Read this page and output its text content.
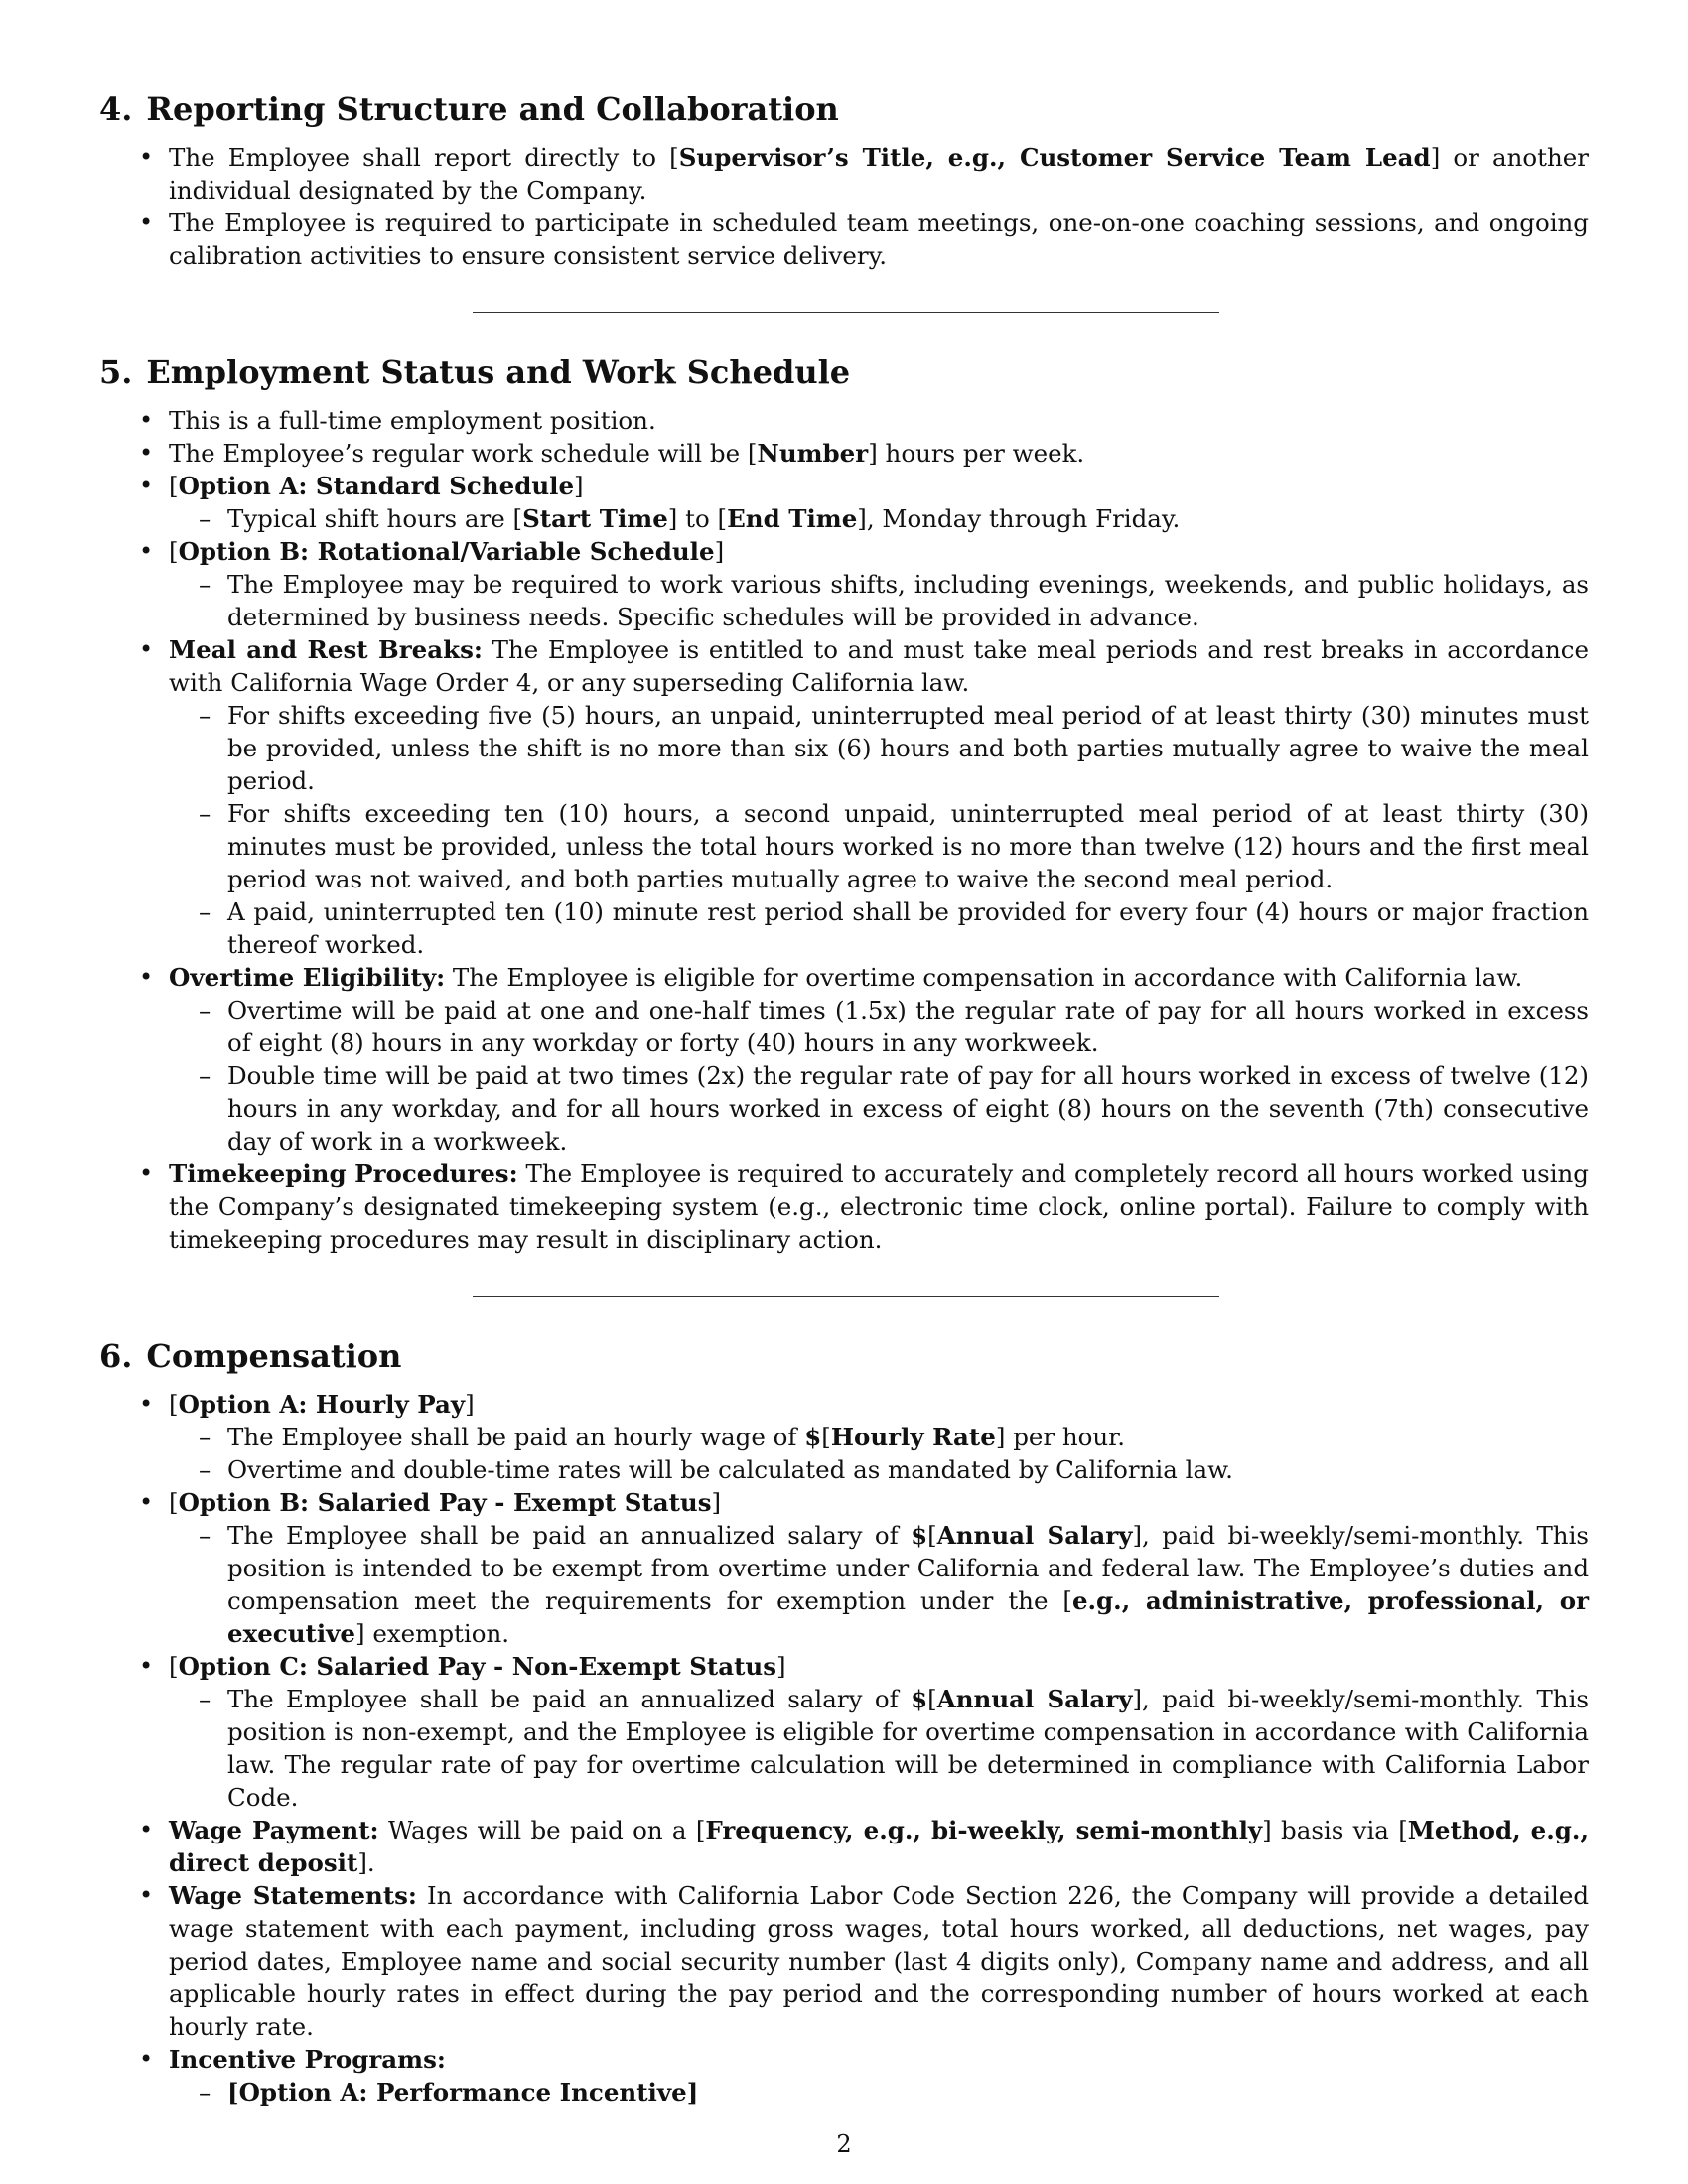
4. Reporting Structure and Collaboration
• The Employee shall report directly to [Supervisor’s Title, e.g., Customer Service Team Lead] or another individual designated by the Company.
• The Employee is required to participate in scheduled team meetings, one-on-one coaching sessions, and ongoing calibration activities to ensure consistent service delivery.
5. Employment Status and Work Schedule
• This is a full-time employment position.
• The Employee’s regular work schedule will be [Number] hours per week.
• [Option A: Standard Schedule]
– Typical shift hours are [Start Time] to [End Time], Monday through Friday.
• [Option B: Rotational/Variable Schedule]
– The Employee may be required to work various shifts, including evenings, weekends, and public holidays, as determined by business needs. Specific schedules will be provided in advance.
• Meal and Rest Breaks: The Employee is entitled to and must take meal periods and rest breaks in accordance with California Wage Order 4, or any superseding California law.
– For shifts exceeding five (5) hours, an unpaid, uninterrupted meal period of at least thirty (30) minutes must be provided, unless the shift is no more than six (6) hours and both parties mutually agree to waive the meal period.
– For shifts exceeding ten (10) hours, a second unpaid, uninterrupted meal period of at least thirty (30) minutes must be provided, unless the total hours worked is no more than twelve (12) hours and the first meal period was not waived, and both parties mutually agree to waive the second meal period.
– A paid, uninterrupted ten (10) minute rest period shall be provided for every four (4) hours or major fraction thereof worked.
• Overtime Eligibility: The Employee is eligible for overtime compensation in accordance with California law.
– Overtime will be paid at one and one-half times (1.5x) the regular rate of pay for all hours worked in excess of eight (8) hours in any workday or forty (40) hours in any workweek.
– Double time will be paid at two times (2x) the regular rate of pay for all hours worked in excess of twelve (12) hours in any workday, and for all hours worked in excess of eight (8) hours on the seventh (7th) consecutive day of work in a workweek.
• Timekeeping Procedures: The Employee is required to accurately and completely record all hours worked using the Company’s designated timekeeping system (e.g., electronic time clock, online portal). Failure to comply with timekeeping procedures may result in disciplinary action.
6. Compensation
• [Option A: Hourly Pay]
– The Employee shall be paid an hourly wage of $[Hourly Rate] per hour.
– Overtime and double-time rates will be calculated as mandated by California law.
• [Option B: Salaried Pay - Exempt Status]
– The Employee shall be paid an annualized salary of $[Annual Salary], paid bi-weekly/semi-monthly. This position is intended to be exempt from overtime under California and federal law. The Employee’s duties and compensation meet the requirements for exemption under the [e.g., administrative, professional, or executive] exemption.
• [Option C: Salaried Pay - Non-Exempt Status]
– The Employee shall be paid an annualized salary of $[Annual Salary], paid bi-weekly/semi-monthly. This position is non-exempt, and the Employee is eligible for overtime compensation in accordance with California law. The regular rate of pay for overtime calculation will be determined in compliance with California Labor Code.
• Wage Payment: Wages will be paid on a [Frequency, e.g., bi-weekly, semi-monthly] basis via [Method, e.g., direct deposit].
• Wage Statements: In accordance with California Labor Code Section 226, the Company will provide a detailed wage statement with each payment, including gross wages, total hours worked, all deductions, net wages, pay period dates, Employee name and social security number (last 4 digits only), Company name and address, and all applicable hourly rates in effect during the pay period and the corresponding number of hours worked at each hourly rate.
• Incentive Programs:
– [Option A: Performance Incentive]
2
